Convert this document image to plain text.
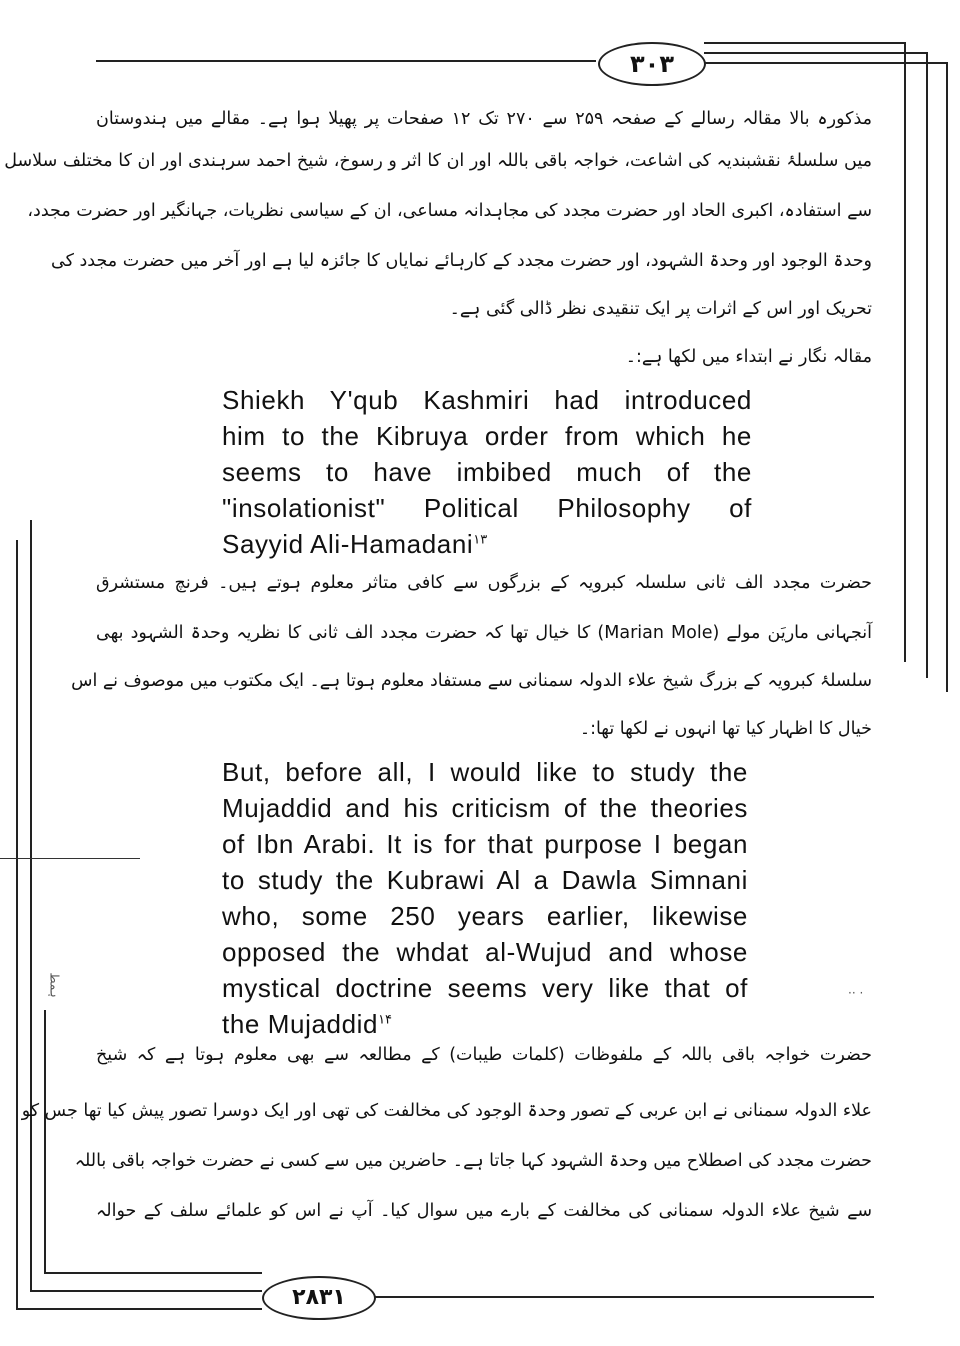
ہمط	·· ·
۳۰۳
۲۸۳۱
مذکورہ بالا مقالہ رسالے کے صفحہ ۲۵۹ سے ۲۷۰ تک ۱۲ صفحات پر پھیلا ہوا ہے۔ مقالے میں ہندوستان
میں سلسلۂ نقشبندیہ کی اشاعت، خواجہ باقی باللہ اور ان کا اثر و رسوخ، شیخ احمد سرہندی اور ان کا مختلف سلاسل
سے استفادہ، اکبری الحاد اور حضرت مجدد کی مجاہدانہ مساعی، ان کے سیاسی نظریات، جہانگیر اور حضرت مجدد،
وحدۃ الوجود اور وحدۃ الشہود، اور حضرت مجدد کے کارہائے نمایاں کا جائزہ لیا ہے اور آخر میں حضرت مجدد کی
تحریک اور اس کے اثرات پر ایک تنقیدی نظر ڈالی گئی ہے۔
مقالہ نگار نے ابتداء میں لکھا ہے:۔
Shiekh Y'qub Kashmiri had introduced
him to the Kibruya order from which he
seems to have imbibed much of the
"insolationist" Political Philosophy of
Sayyid Ali-Hamadani$^{۱۳}$
حضرت مجدد الف ثانی سلسلہ کبرویہ کے بزرگوں سے کافی متاثر معلوم ہوتے ہیں۔ فرنچ مستشرق
آنجہانی ماریَن مولے (Marian Mole) کا خیال تھا کہ حضرت مجدد الف ثانی کا نظریہ وحدۃ الشہود بھی
سلسلۂ کبرویہ کے بزرگ شیخ علاء الدولہ سمنانی سے مستفاد معلوم ہوتا ہے۔ ایک مکتوب میں موصوف نے اس
خیال کا اظہار کیا تھا انہوں نے لکھا تھا:۔
But, before all, I would like to study the
Mujaddid and his criticism of the theories
of Ibn Arabi. It is for that purpose I began
to study the Kubrawi Al a Dawla Simnani
who, some 250 years earlier, likewise
opposed the whdat al-Wujud and whose
mystical doctrine seems very like that of
the Mujaddid$^{۱۴}$
حضرت خواجہ باقی باللہ کے ملفوظات (کلمات طیبات) کے مطالعہ سے بھی معلوم ہوتا ہے کہ شیخ
علاء الدولہ سمنانی نے ابن عربی کے تصور وحدۃ الوجود کی مخالفت کی تھی اور ایک دوسرا تصور پیش کیا تھا جس کو
حضرت مجدد کی اصطلاح میں وحدۃ الشہود کہا جاتا ہے۔ حاضرین میں سے کسی نے حضرت خواجہ باقی باللہ
سے شیخ علاء الدولہ سمنانی کی مخالفت کے بارے میں سوال کیا۔ آپ نے اس کو علمائے سلف کے حوالہ
